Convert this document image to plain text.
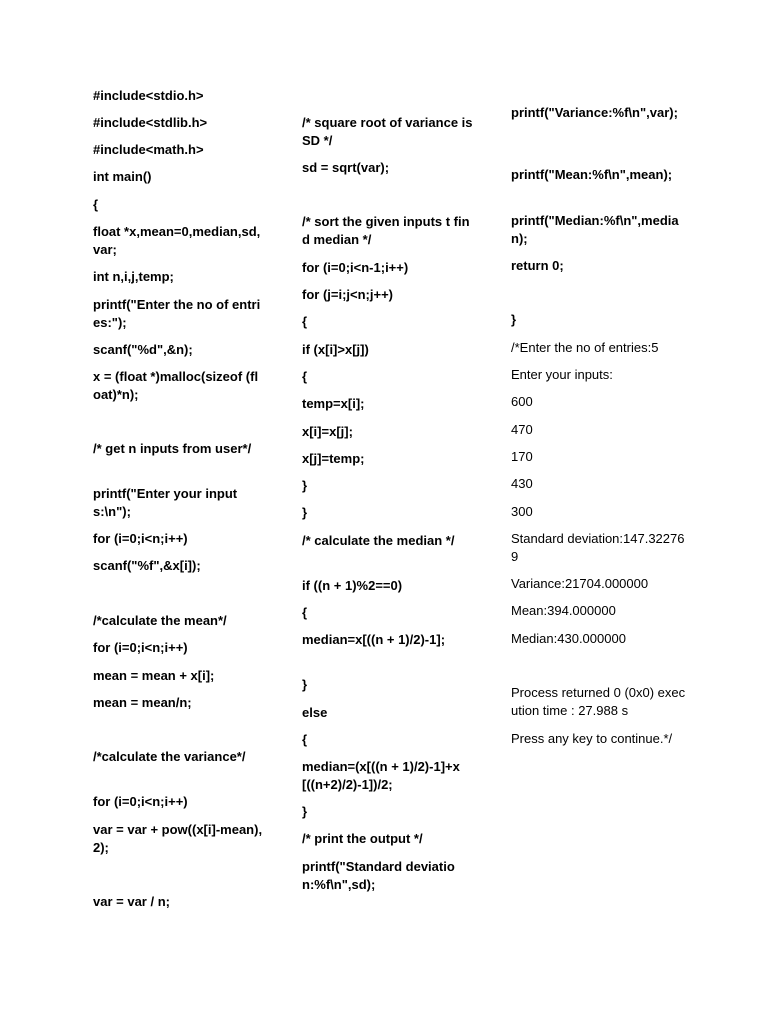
#include<stdio.h>
#include<stdlib.h>
#include<math.h>
int main()
{
float *x,mean=0,median,sd,var;
int n,i,j,temp;
printf("Enter the no of entries:");
scanf("%d",&n);
x = (float *)malloc(sizeof (float)*n);
/* get n inputs from user*/
printf("Enter your inputs:\n");
for (i=0;i<n;i++)
scanf("%f",&x[i]);
/*calculate the mean*/
for (i=0;i<n;i++)
mean = mean + x[i];
mean = mean/n;
/*calculate the variance*/
for (i=0;i<n;i++)
var = var + pow((x[i]-mean),2);
var = var / n;
/* square root of variance is SD */
sd = sqrt(var);
/* sort the given inputs t find median */
for (i=0;i<n-1;i++)
for (j=i;j<n;j++)
{
if (x[i]>x[j])
{
temp=x[i];
x[i]=x[j];
x[j]=temp;
}
}
/* calculate the median */
if ((n + 1)%2==0)
{
median=x[((n + 1)/2)-1];
}
else
{
median=(x[((n + 1)/2)-1]+x[((n+2)/2)-1])/2;
}
/* print the output */
printf("Standard deviation:%f\n",sd);
printf("Variance:%f\n",var);
printf("Mean:%f\n",mean);
printf("Median:%f\n",median);
return 0;
}
/*Enter the no of entries:5
Enter your inputs:
600
470
170
430
300
Standard deviation:147.322769
Variance:21704.000000
Mean:394.000000
Median:430.000000
Process returned 0 (0x0) execution time : 27.988 s
Press any key to continue.*/
